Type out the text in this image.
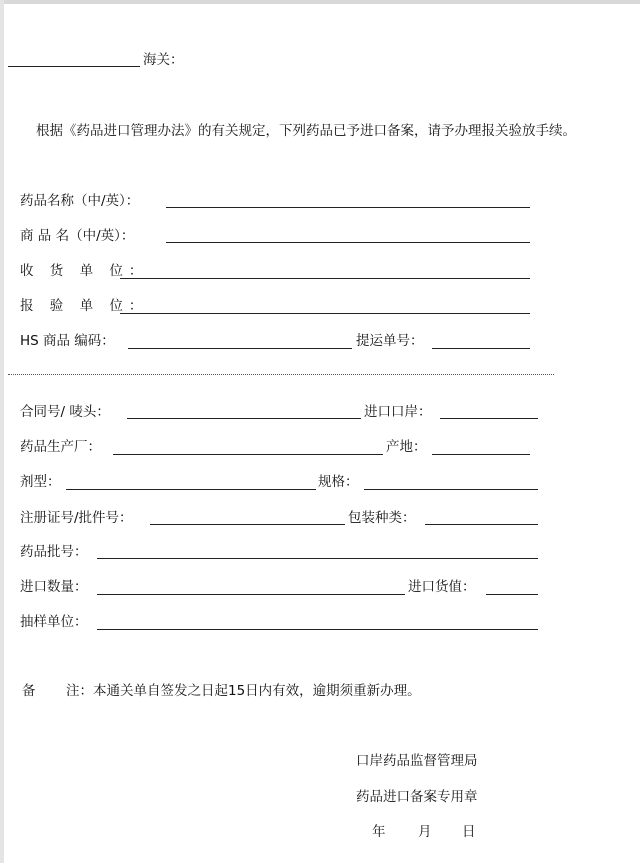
海关：
根据《药品进口管理办法》的有关规定，下列药品已予进口备案，请予办理报关验放手续。
药品名称（中/英）：
商 品 名（中/英）：
收 货 单 位：
报 验 单 位：
HS 商品 编码：	提运单号：
合同号/ 唛头：	进口口岸：
药品生产厂：	产地：
剂型：	规格：
注册证号/批件号：	包装种类：
药品批号：
进口数量：	进口货值：
抽样单位：
备 注：本通关单自签发之日起15日内有效，逾期须重新办理。
口岸药品监督管理局
药品进口备案专用章
年 月 日
